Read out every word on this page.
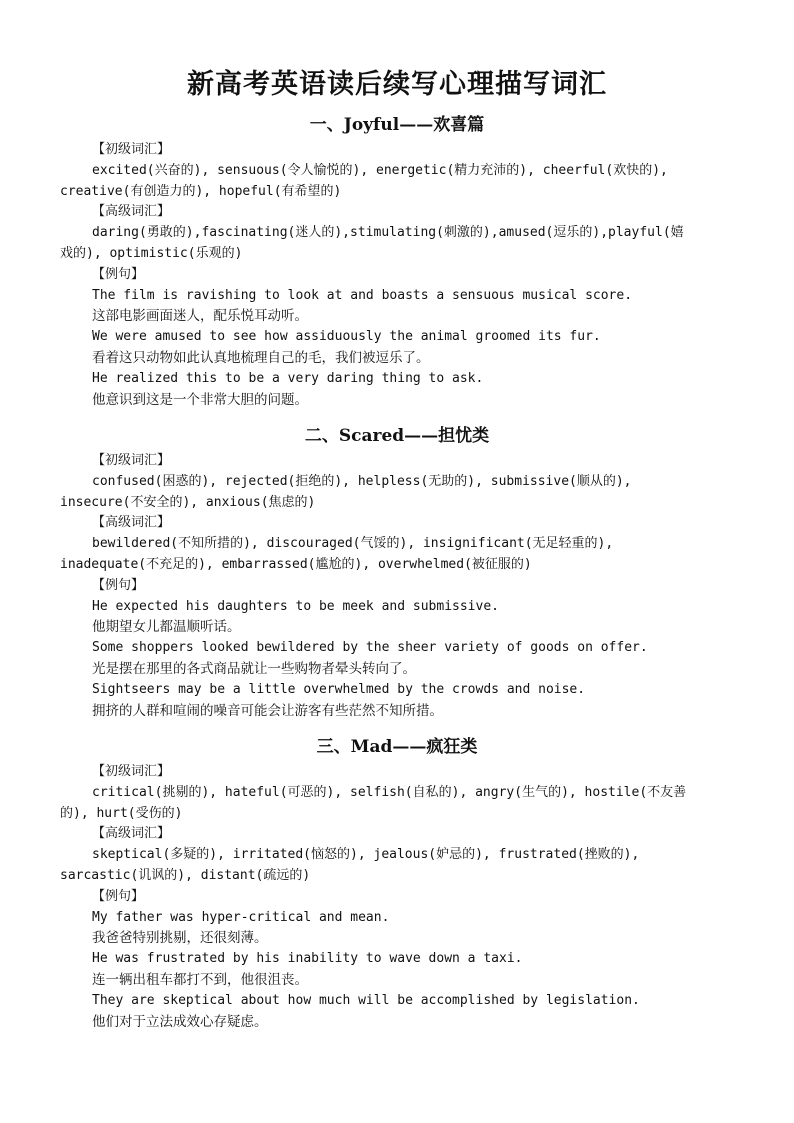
新高考英语读后续写心理描写词汇
一、Joyful——欢喜篇
【初级词汇】
excited(兴奋的), sensuous(令人愉悦的), energetic(精力充沛的), cheerful(欢快的),
creative(有创造力的), hopeful(有希望的)
【高级词汇】
daring(勇敢的),fascinating(迷人的),stimulating(刺激的),amused(逗乐的),playful(嬉
戏的), optimistic(乐观的)
【例句】
The film is ravishing to look at and boasts a sensuous musical score.
这部电影画面迷人，配乐悦耳动听。
We were amused to see how assiduously the animal groomed its fur.
看着这只动物如此认真地梳理自己的毛，我们被逗乐了。
He realized this to be a very daring thing to ask.
他意识到这是一个非常大胆的问题。
二、Scared——担忧类
【初级词汇】
confused(困惑的), rejected(拒绝的), helpless(无助的), submissive(顺从的),
insecure(不安全的), anxious(焦虑的)
【高级词汇】
bewildered(不知所措的), discouraged(气馁的), insignificant(无足轻重的),
inadequate(不充足的), embarrassed(尴尬的), overwhelmed(被征服的)
【例句】
He expected his daughters to be meek and submissive.
他期望女儿都温顺听话。
Some shoppers looked bewildered by the sheer variety of goods on offer.
光是摆在那里的各式商品就让一些购物者晕头转向了。
Sightseers may be a little overwhelmed by the crowds and noise.
拥挤的人群和喧闹的噪音可能会让游客有些茫然不知所措。
三、Mad——疯狂类
【初级词汇】
critical(挑剔的), hateful(可恶的), selfish(自私的), angry(生气的), hostile(不友善
的), hurt(受伤的)
【高级词汇】
skeptical(多疑的), irritated(恼怒的), jealous(妒忌的), frustrated(挫败的),
sarcastic(讥讽的), distant(疏远的)
【例句】
My father was hyper-critical and mean.
我爸爸特别挑剔，还很刻薄。
He was frustrated by his inability to wave down a taxi.
连一辆出租车都打不到，他很沮丧。
They are skeptical about how much will be accomplished by legislation.
他们对于立法成效心存疑虑。
